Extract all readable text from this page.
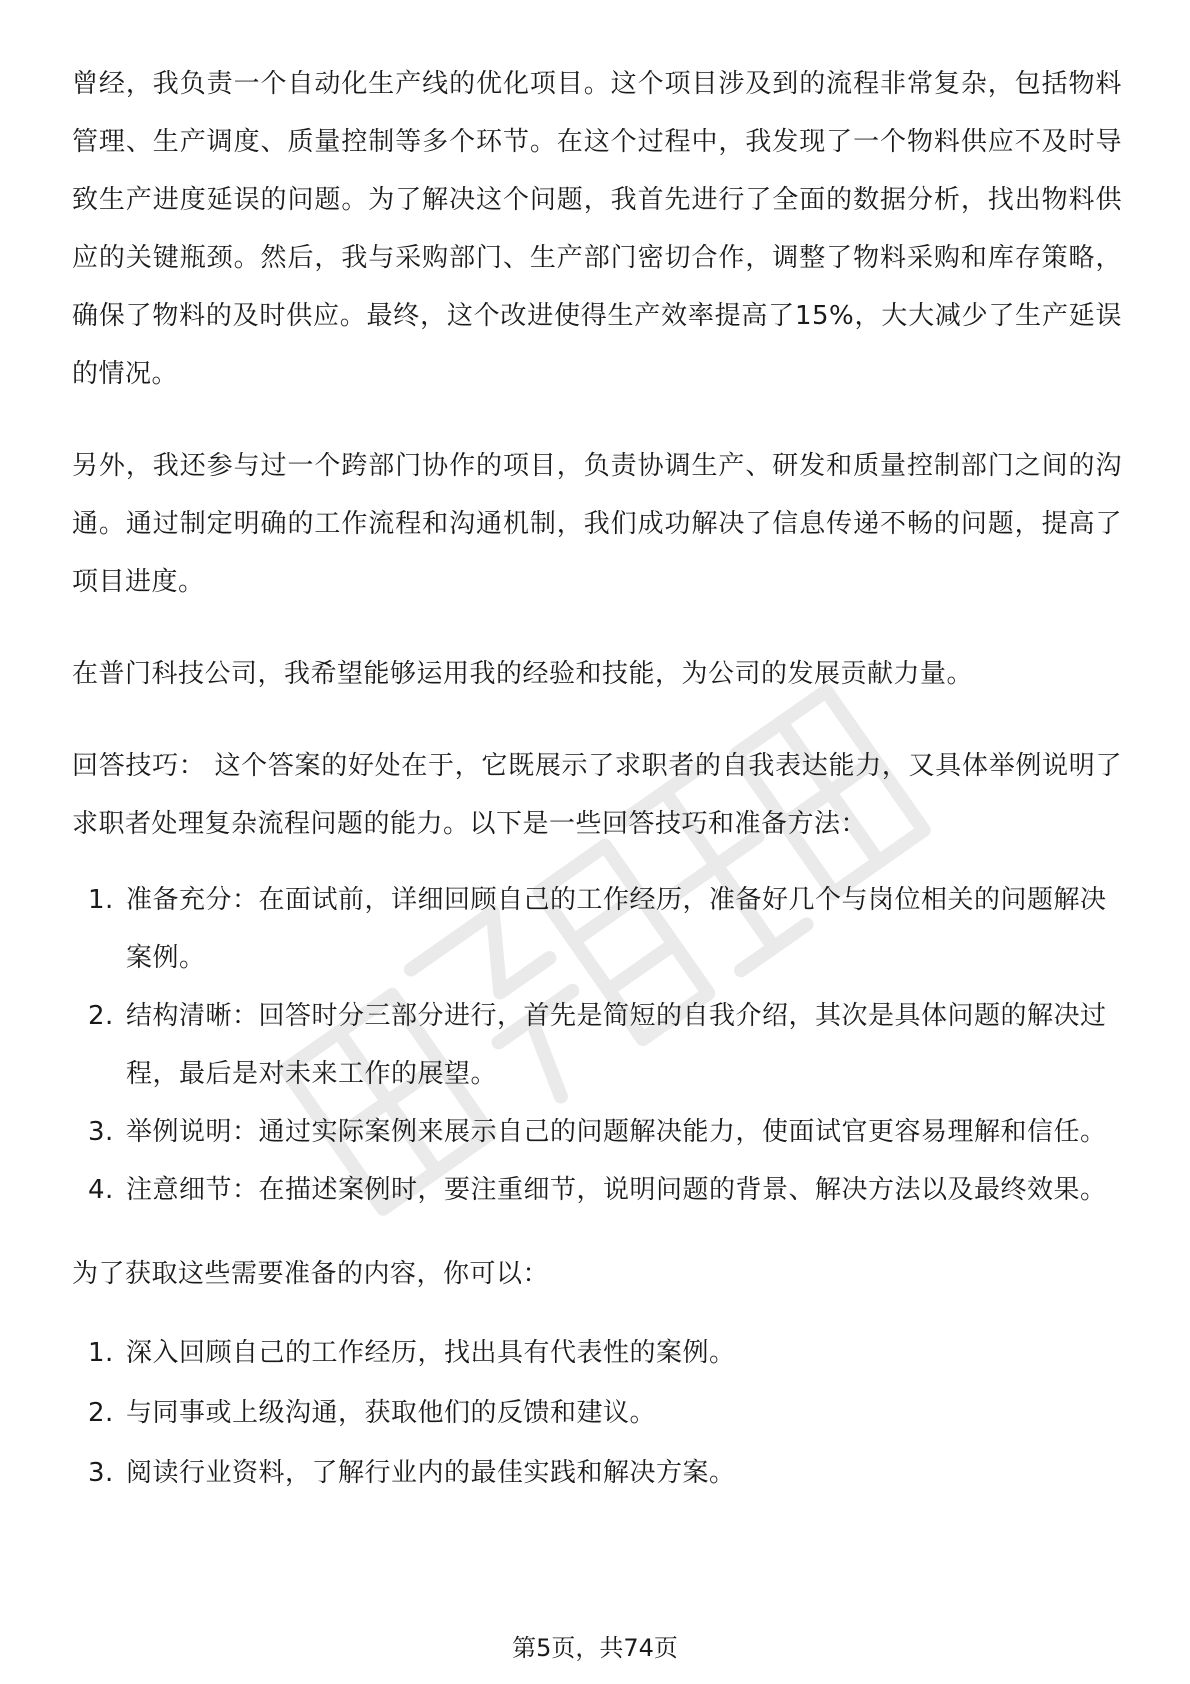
曾经，我负责一个自动化生产线的优化项目。这个项目涉及到的流程非常复杂，包括物料管理、生产调度、质量控制等多个环节。在这个过程中，我发现了一个物料供应不及时导致生产进度延误的问题。为了解决这个问题，我首先进行了全面的数据分析，找出物料供应的关键瓶颈。然后，我与采购部门、生产部门密切合作，调整了物料采购和库存策略，确保了物料的及时供应。最终，这个改进使得生产效率提高了15%，大大减少了生产延误的情况。

另外，我还参与过一个跨部门协作的项目，负责协调生产、研发和质量控制部门之间的沟通。通过制定明确的工作流程和沟通机制，我们成功解决了信息传递不畅的问题，提高了项目进度。

在普门科技公司，我希望能够运用我的经验和技能，为公司的发展贡献力量。

回答技巧： 这个答案的好处在于，它既展示了求职者的自我表达能力，又具体举例说明了求职者处理复杂流程问题的能力。以下是一些回答技巧和准备方法：

1. 准备充分：在面试前，详细回顾自己的工作经历，准备好几个与岗位相关的问题解决案例。
2. 结构清晰：回答时分三部分进行，首先是简短的自我介绍，其次是具体问题的解决过程，最后是对未来工作的展望。
3. 举例说明：通过实际案例来展示自己的问题解决能力，使面试官更容易理解和信任。
4. 注意细节：在描述案例时，要注重细节，说明问题的背景、解决方法以及最终效果。

为了获取这些需要准备的内容，你可以：

1. 深入回顾自己的工作经历，找出具有代表性的案例。
2. 与同事或上级沟通，获取他们的反馈和建议。
3. 阅读行业资料，了解行业内的最佳实践和解决方案。
第5页，共74页
